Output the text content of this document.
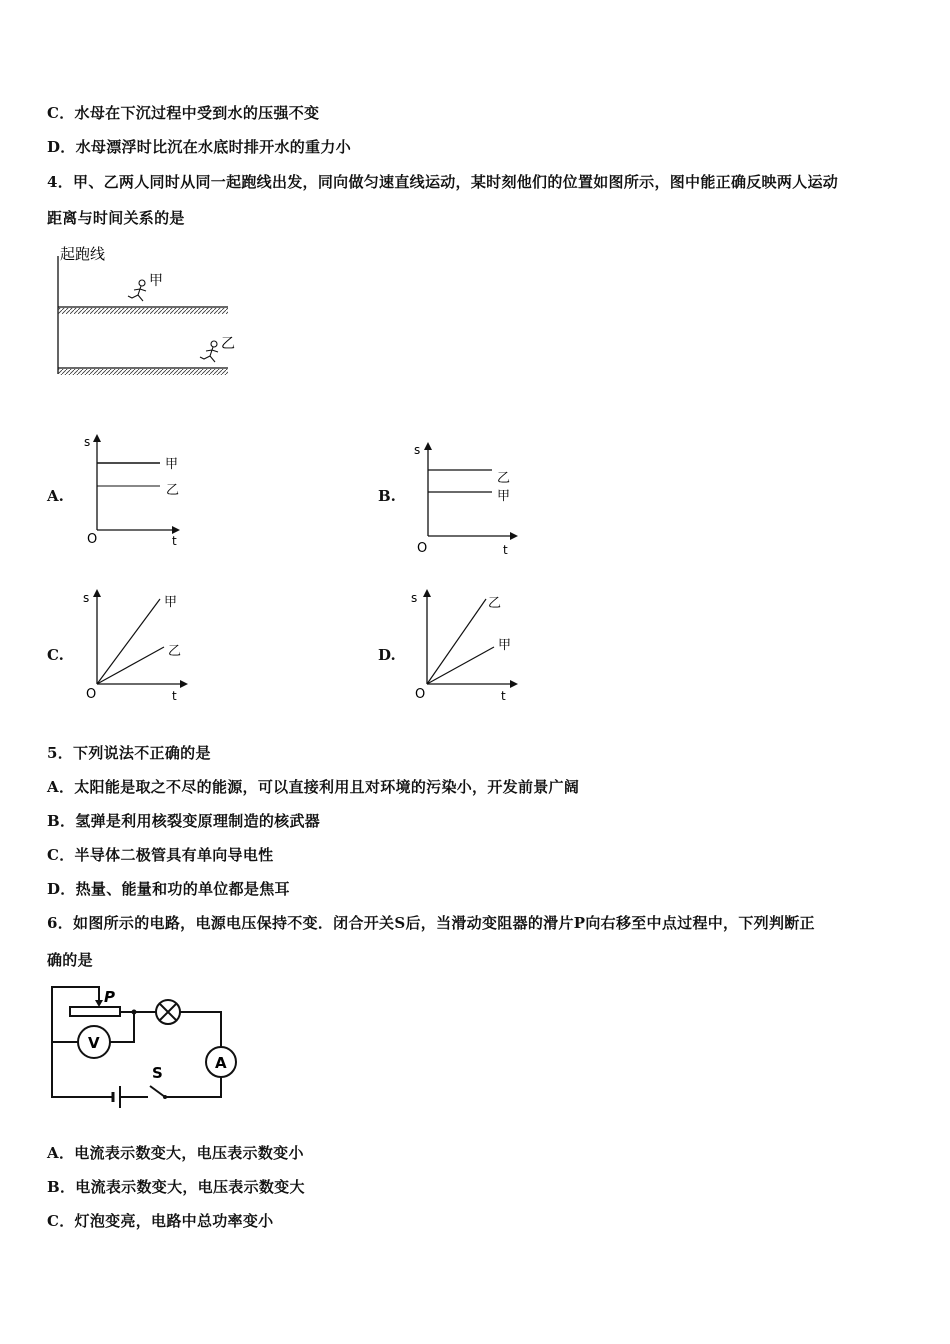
C．水母在下沉过程中受到水的压强不变
D．水母漂浮时比沉在水底时排开水的重力小
4．甲、乙两人同时从同一起跑线出发，同向做匀速直线运动，某时刻他们的位置如图所示，图中能正确反映两人运动
距离与时间关系的是
起跑线
甲
乙
A.
s
O	t
甲
乙	B.
s
O	t
乙
甲
C.
s
O	t
甲
乙	D.
s
O	t
乙
甲
5．下列说法不正确的是
A．太阳能是取之不尽的能源，可以直接利用且对环境的污染小，开发前景广阔
B．氢弹是利用核裂变原理制造的核武器
C．半导体二极管具有单向导电性
D．热量、能量和功的单位都是焦耳
6．如图所示的电路，电源电压保持不变．闭合开关S后，当滑动变阻器的滑片P向右移至中点过程中，下列判断正
确的是
P
V
A
S
A．电流表示数变大，电压表示数变小
B．电流表示数变大，电压表示数变大
C．灯泡变亮，电路中总功率变小
